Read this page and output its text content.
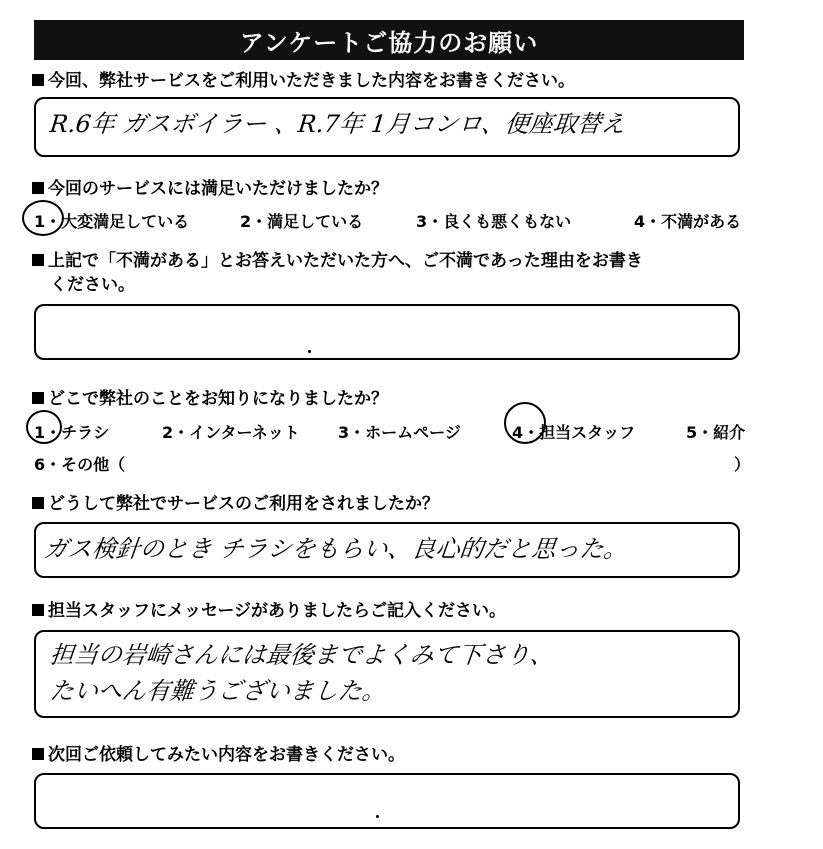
アンケートご協力のお願い
今回、弊社サービスをご利用いただきました内容をお書きください。
R.6年 ガスボイラー 、R.7年 1月コンロ、便座取替え
今回のサービスには満足いただけましたか？
1・大変満足している	2・満足している	3・良くも悪くもない	4・不満がある
上記で「不満がある」とお答えいただいた方へ、ご不満であった理由をお書き
ください。
どこで弊社のことをお知りになりましたか？
1・チラシ	2・インターネット 3・ホームページ	4・担当スタッフ	5・紹介
6・その他（	）
どうして弊社でサービスのご利用をされましたか？
ガス検針のとき チラシをもらい、良心的だと思った。
担当スタッフにメッセージがありましたらご記入ください。
担当の岩崎さんには最後までよくみて下さり、
たいへん有難うございました。
次回ご依頼してみたい内容をお書きください。
